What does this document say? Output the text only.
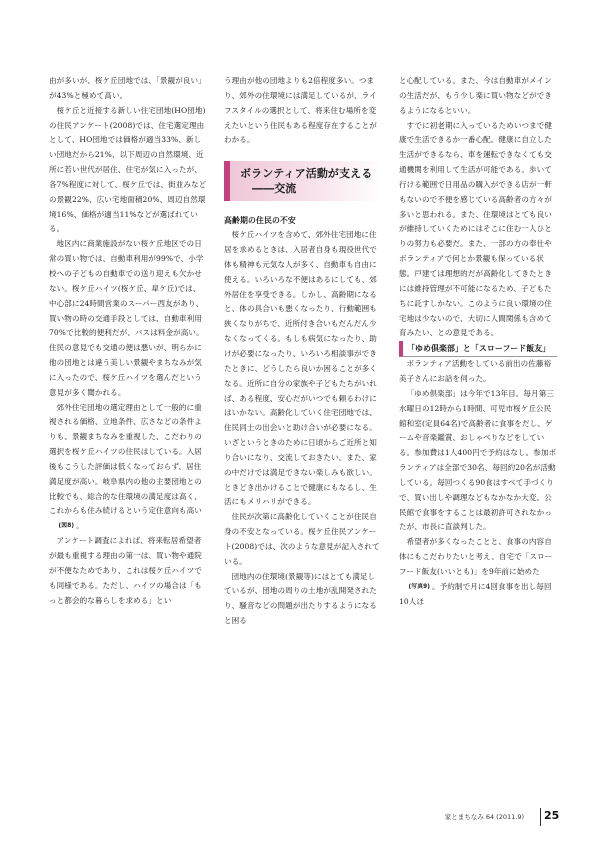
由が多いが、桜ケ丘団地では、「景観が良い」が43%と極めて高い。

桜ケ丘と近接する新しい住宅団地(HO団地)の住民アンケート(2008)では、住宅選定理由として、HO団地では価格が適当33%、新しい団地だから21%、以下周辺の自然環境、近所に若い世代が居住、住宅が気に入ったが、各7%程度に対して、桜ケ丘では、街並みなどの景観22%、広い宅地面積20%、周辺自然環境16%、価格が適当11%などが選ばれている。

地区内に商業施設がない桜ケ丘地区での日常の買い物では、自動車利用が99%で、小学校への子どもの自動車での送り迎えも欠かせない。桜ケ丘ハイツ(桜ケ丘、皐ケ丘)では、中心部に24時間営業のスーパー西友があり、買い物の時の交通手段としては、自動車利用70%で比較的便利だが、バスは料金が高い。住民の意見でも交通の便は悪いが、明らかに他の団地とは違う美しい景観やまちなみが気に入ったので、桜ケ丘ハイツを選んだという意見が多く聞かれる。

郊外住宅団地の選定理由として一般的に重視される価格、立地条件、広さなどの条件よりも、景観まちなみを重視した、こだわりの選択を桜ケ丘ハイツの住民はしている。入居後もこうした評価は低くなっておらず、居住満足度が高い。岐阜県内の他の主要団地との比較でも、総合的な住環境の満足度は高く、これからも住み続けるという定住意向も高い(図8) 。

アンケート調査によれば、将来転居希望者が最も重視する理由の第一は、買い物や通院が不便なためであり、これは桜ケ丘ハイツでも同様である。ただし、ハイツの場合は「もっと都会的な暮らしを求める」とい

う理由が他の団地よりも2倍程度多い。つまり、郊外の住環境には満足しているが、ライフスタイルの選択として、将来住む場所を変えたいという住民もある程度存在することがわかる。

ボランティア活動が支える
――交流

高齢期の住民の不安

桜ケ丘ハイツを含めて、郊外住宅団地に住居を求めるときは、入居者自身も現役世代で体も精神も元気な人が多く、自動車も自由に使える。いろいろな不便はあるにしても、郊外居住を享受できる。しかし、高齢期になると、体の具合いも悪くなったり、行動範囲も狭くなりがちで、近所付き合いもだんだん少なくなってくる。もしも病気になったり、助けが必要になったり、いろいろ相談事ができたときに、どうしたら良いか困ることが多くなる。近所に自分の家族や子どもたちがいれば、ある程度、安心だがいつでも頼るわけにはいかない。高齢化していく住宅団地では、住民同士の出会いと助け合いが必要になる。いざというときのために日頃からご近所と知り合いになり、交流しておきたい。また、家の中だけでは満足できない楽しみも欲しい。ときどき出かけることで健康にもなるし、生活にもメリハリができる。

住民が次第に高齢化していくことが住民自身の不安となっている。桜ケ丘住民アンケート(2008)では、次のような意見が記入されている。

団地内の住環境(景観等)にはとても満足しているが、団地の周りの土地が乱開発されたり、騒音などの問題が出たりするようになると困る

と心配している。また、今は自動車がメインの生活だが、もう少し楽に買い物などができるようになるといい。

すでに初老期に入っているためいつまで健康で生活できるか一番心配。健康に自立した生活ができるなら、車を運転できなくても交通機関を利用して生活が可能である。歩いて行ける範囲で日用品の購入ができる店が一軒もないので不便を感じている高齢者の方々が多いと思われる。また、住環境はとても良いが維持していくためにはそこに住む一人ひとりの努力も必要だ。また、一部の方の奉仕やボランティアで何とか景観も保っている状態。戸建ては理想的だが高齢化してきたときには維持管理が不可能になるため、子どもたちに託すしかない。このように良い環境の住宅地は少ないので、大切に人間関係も含めて育みたい、との意見である。

「ゆめ倶楽部」と「スローフード飯友」

ボランティア活動をしている前出の佐藤裕美子さんにお話を伺った。

「ゆめ倶楽部」は今年で13年目。毎月第三水曜日の12時から1時間、可児市桜ケ丘公民館和室(定員64名)で高齢者に食事をだし、ゲームや音楽鑑賞、おしゃべりなどをしている。参加費は1人400円で予約はなし。参加ボランティアは全部で30名、毎回約20名が活動している。毎回つくる90食はすべて手づくりで、買い出しや調理などもなかなか大変。公民館で食事をすることは最初許可されなかったが、市長に直談判した。

希望者が多くなったことと、食事の内容自体にもこだわりたいと考え、自宅で「スローフード飯友(いいとも)」を9年前に始めた(写真9) 。予約制で月に4回食事を出し毎回10人ほ

家とまちなみ 64 (2011.9) 25
